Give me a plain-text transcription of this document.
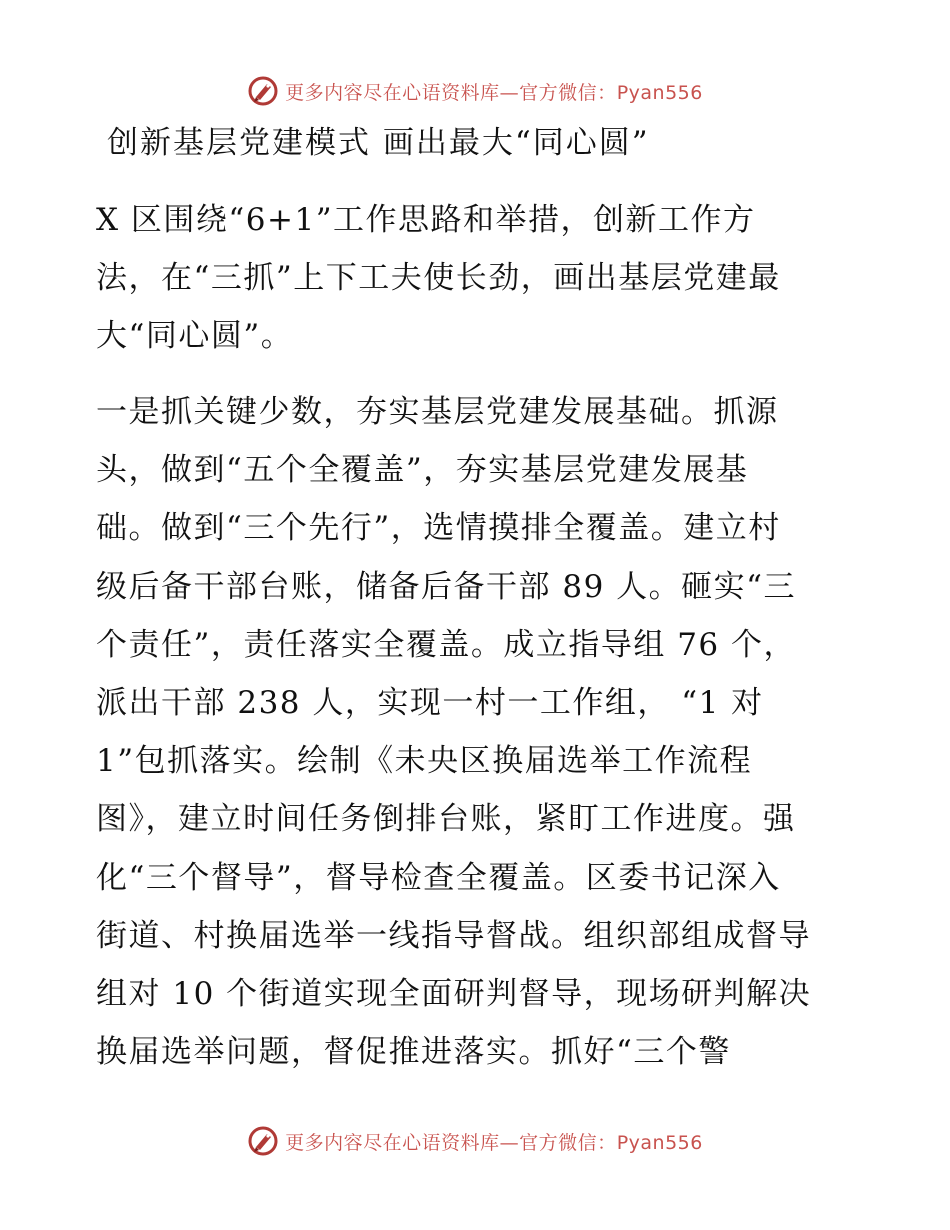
更多内容尽在心语资料库—官方微信：Pyan556
创新基层党建模式 画出最大“同心圆”
X 区围绕“6+1”工作思路和举措，创新工作方
法，在“三抓”上下工夫使长劲，画出基层党建最
大“同心圆”。
一是抓关键少数，夯实基层党建发展基础。抓源
头，做到“五个全覆盖”，夯实基层党建发展基
础。做到“三个先行”，选情摸排全覆盖。建立村
级后备干部台账，储备后备干部 89 人。砸实“三
个责任”，责任落实全覆盖。成立指导组 76 个，
派出干部 238 人，实现一村一工作组， “1 对
1”包抓落实。绘制《未央区换届选举工作流程
图》，建立时间任务倒排台账，紧盯工作进度。强
化“三个督导”，督导检查全覆盖。区委书记深入
街道、村换届选举一线指导督战。组织部组成督导
组对 10 个街道实现全面研判督导，现场研判解决
换届选举问题，督促推进落实。抓好“三个警
更多内容尽在心语资料库—官方微信：Pyan556
